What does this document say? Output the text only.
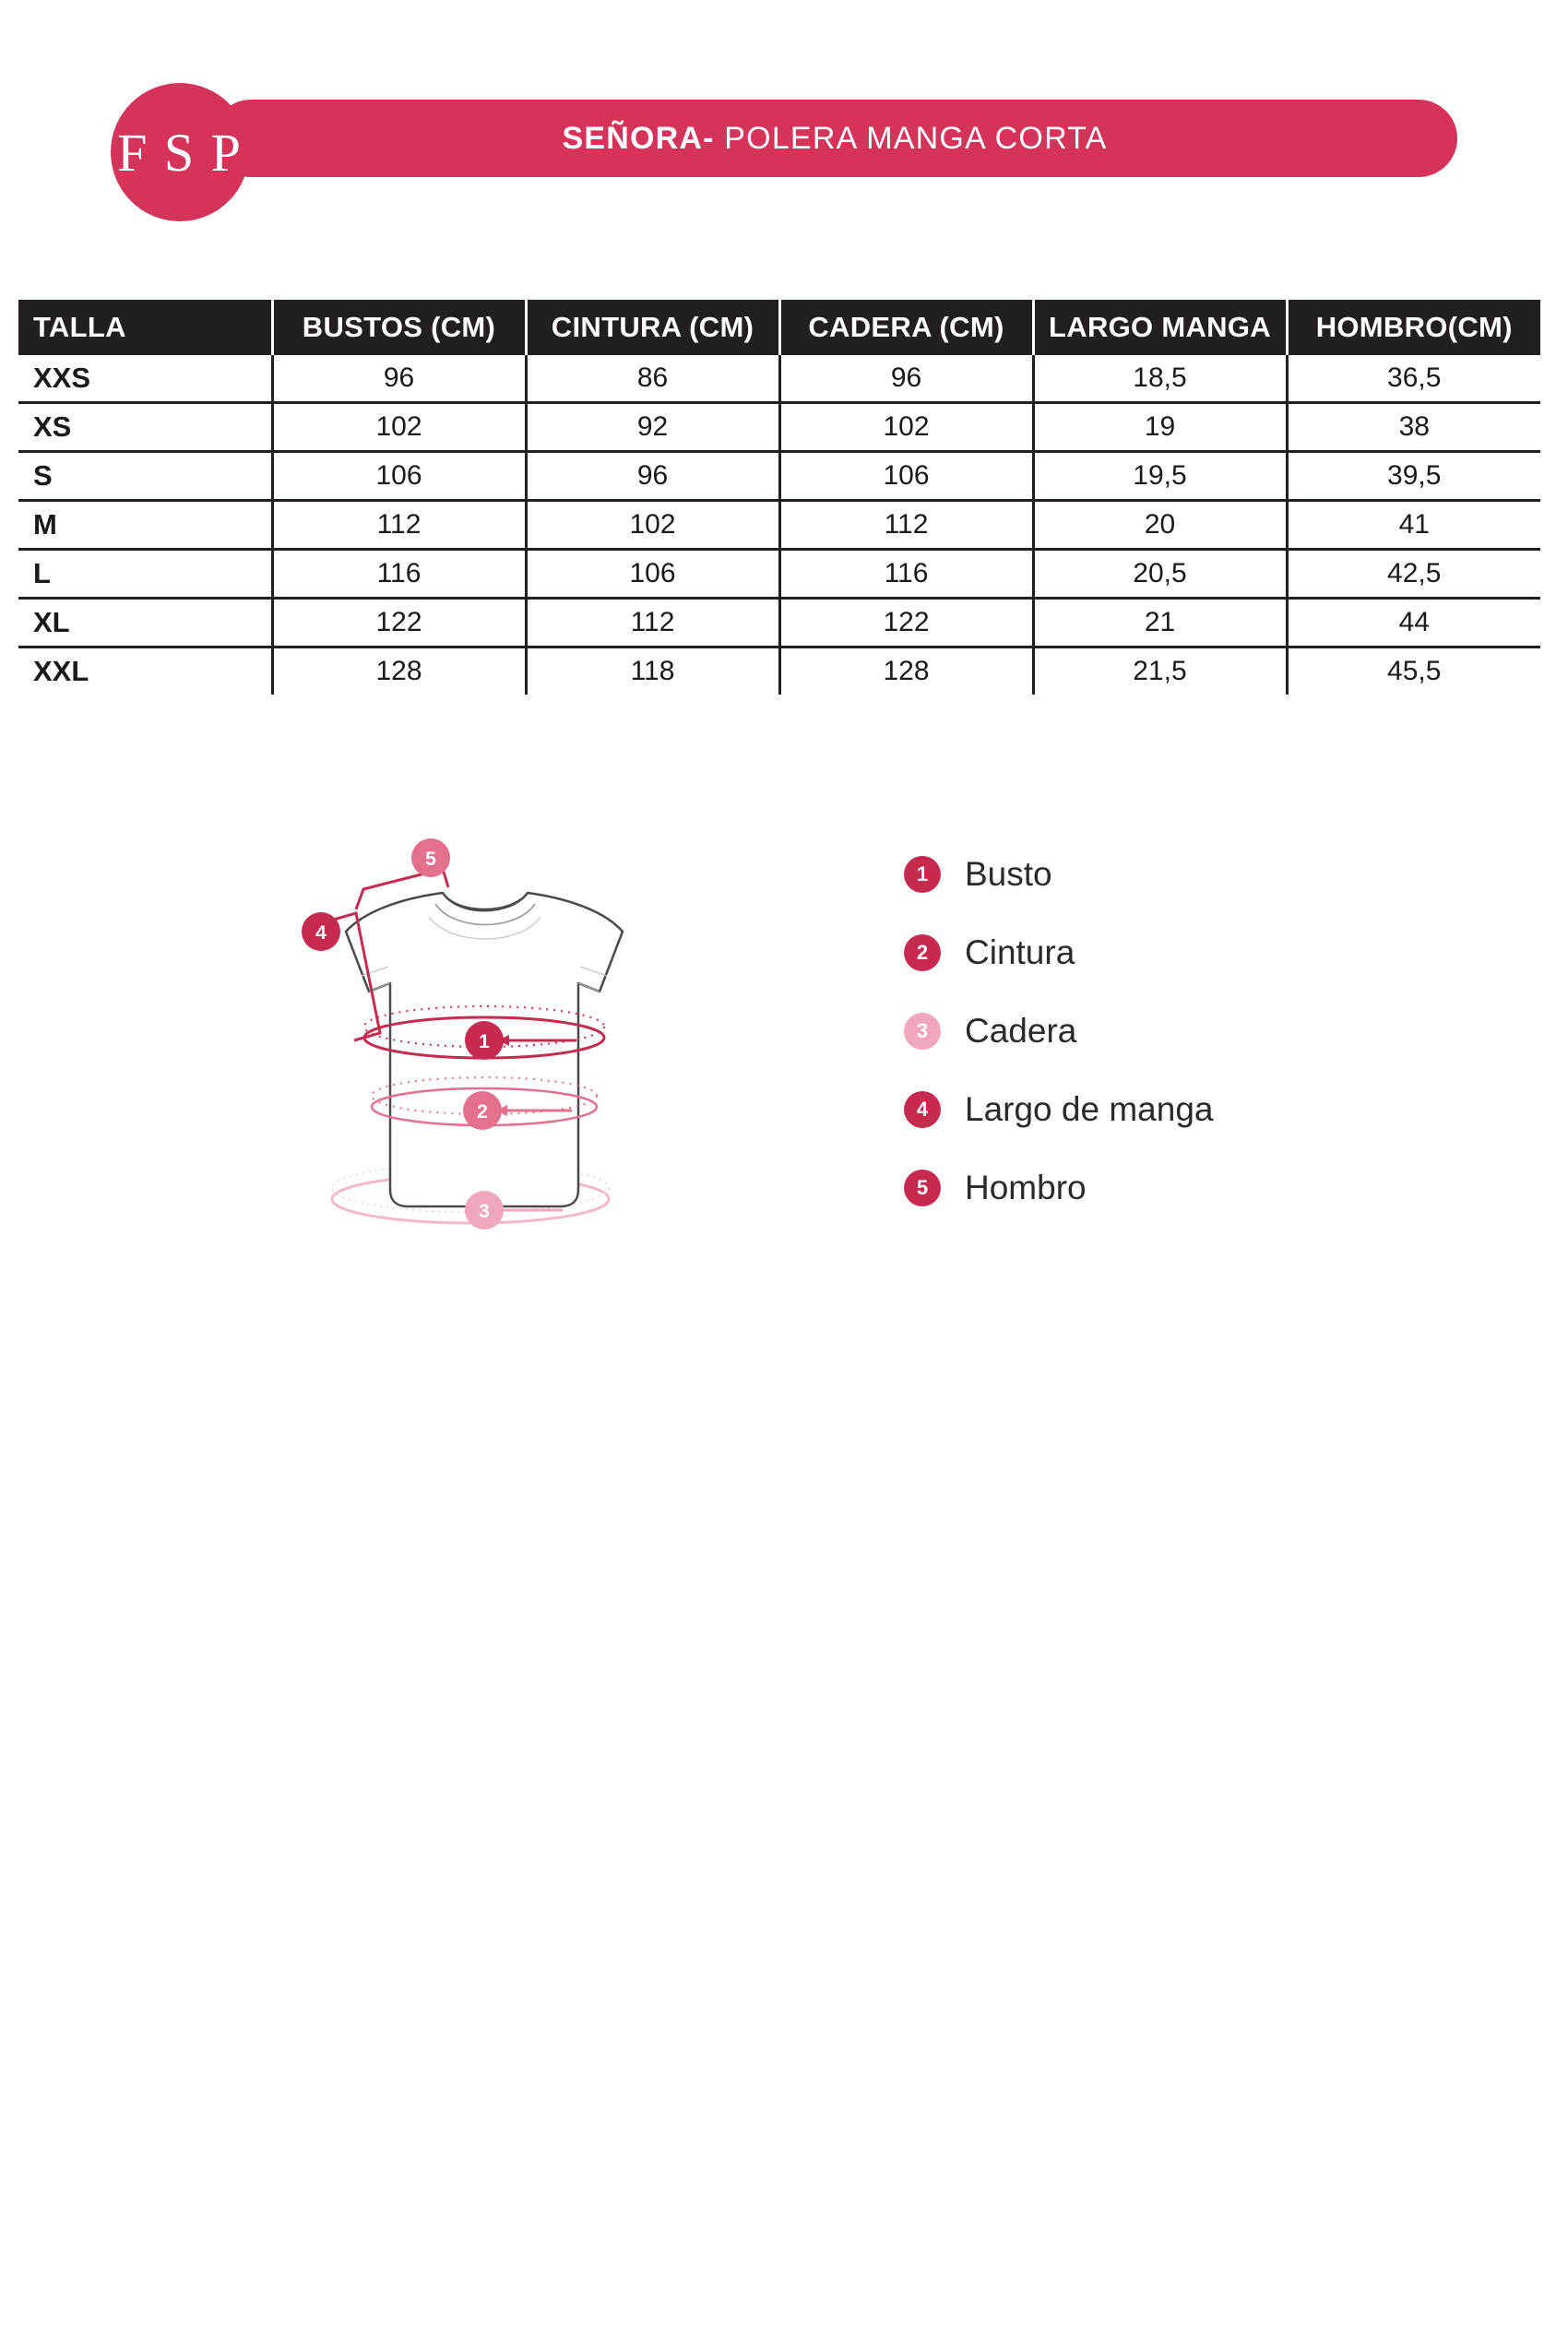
SEÑORA- POLERA MANGA CORTA
F S P
TALLA	BUSTOS (CM)	CINTURA (CM)	CADERA (CM)	LARGO MANGA	HOMBRO(CM)
XXS	96	86	96	18,5	36,5
XS	102	92	102	19	38
S	106	96	106	19,5	39,5
M	112	102	112	20	41
L	116	106	116	20,5	42,5
XL	122	112	122	21	44
XXL	128	118	128	21,5	45,5
1
2
3
4
5
1	Busto
2	Cintura
3	Cadera
4	Largo de manga
5	Hombro
